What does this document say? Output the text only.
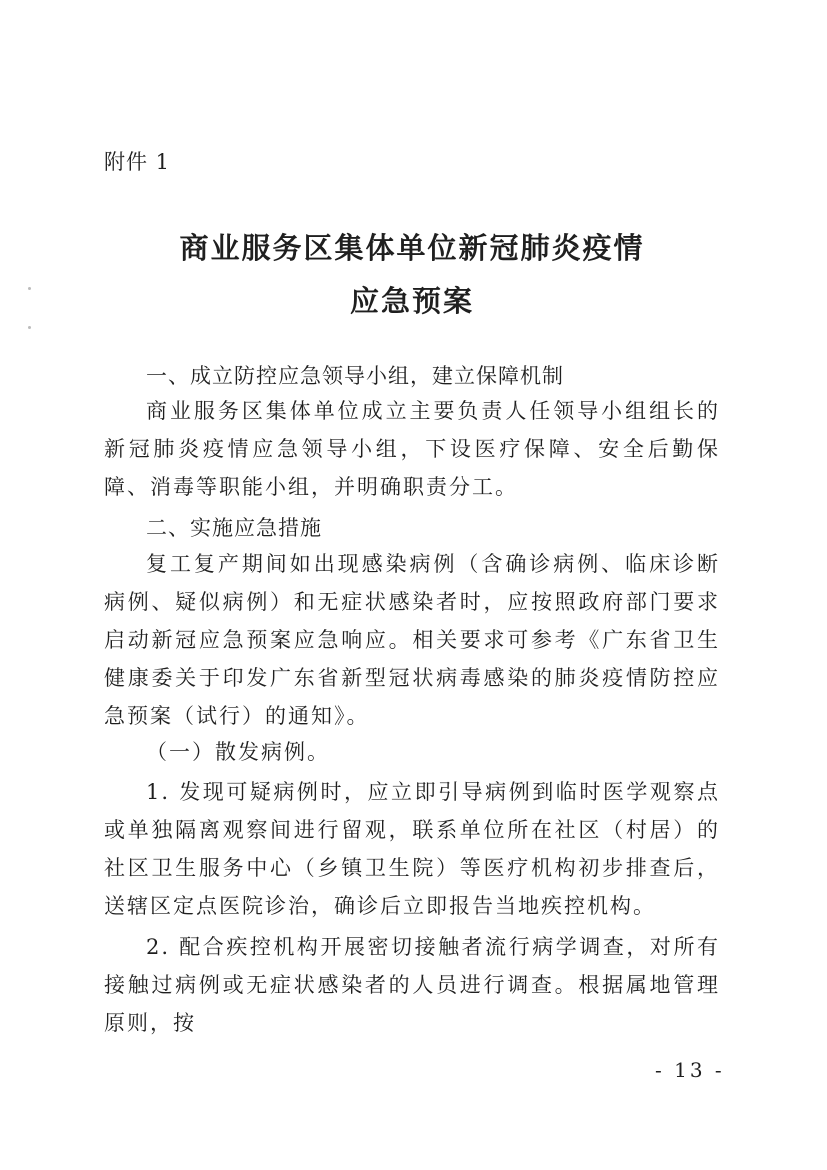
附件 1
商业服务区集体单位新冠肺炎疫情
应急预案
一、成立防控应急领导小组，建立保障机制

商业服务区集体单位成立主要负责人任领导小组组长的新冠肺炎疫情应急领导小组，下设医疗保障、安全后勤保障、消毒等职能小组，并明确职责分工。

二、实施应急措施

复工复产期间如出现感染病例（含确诊病例、临床诊断病例、疑似病例）和无症状感染者时，应按照政府部门要求启动新冠应急预案应急响应。相关要求可参考《广东省卫生健康委关于印发广东省新型冠状病毒感染的肺炎疫情防控应急预案（试行）的通知》。

（一）散发病例。

1. 发现可疑病例时，应立即引导病例到临时医学观察点或单独隔离观察间进行留观，联系单位所在社区（村居）的社区卫生服务中心（乡镇卫生院）等医疗机构初步排查后，送辖区定点医院诊治，确诊后立即报告当地疾控机构。

2. 配合疾控机构开展密切接触者流行病学调查，对所有接触过病例或无症状感染者的人员进行调查。根据属地管理原则，按

- 13 -
